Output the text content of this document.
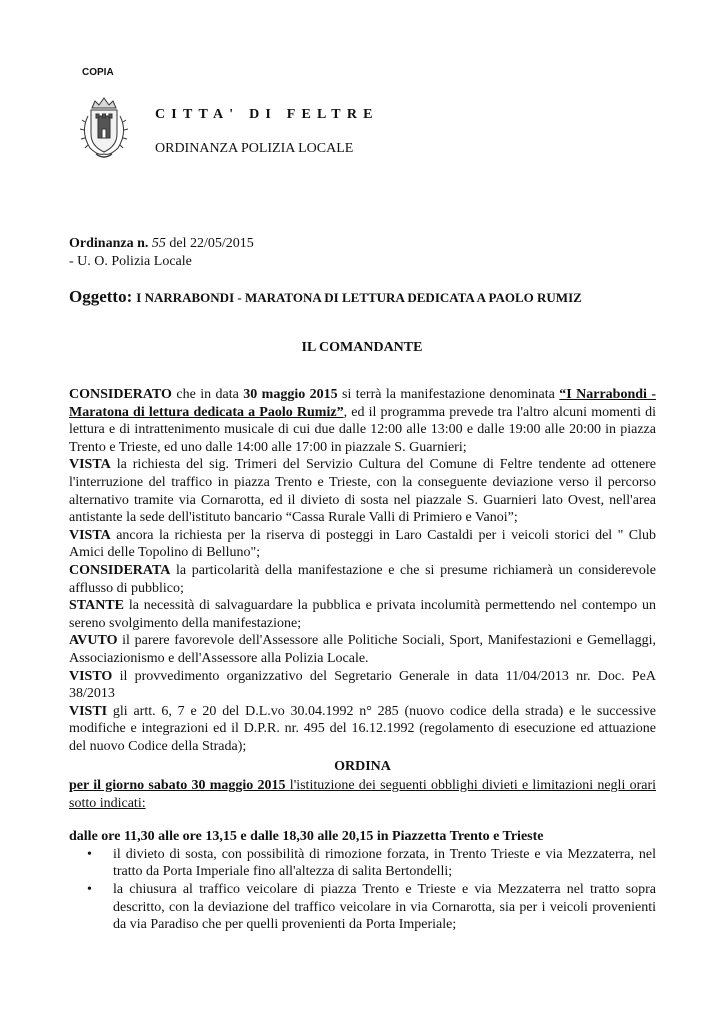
COPIA
CITTA' DI FELTRE
ORDINANZA POLIZIA LOCALE
Ordinanza n. 55 del 22/05/2015
- U. O. Polizia Locale
Oggetto: I NARRABONDI - MARATONA DI LETTURA DEDICATA A PAOLO RUMIZ
IL COMANDANTE

CONSIDERATO che in data 30 maggio 2015 si terrà la manifestazione denominata “I Narrabondi - Maratona di lettura dedicata a Paolo Rumiz”, ed il programma prevede tra l'altro alcuni momenti di lettura e di intrattenimento musicale di cui due dalle 12:00 alle 13:00 e dalle 19:00 alle 20:00 in piazza Trento e Trieste, ed uno dalle 14:00 alle 17:00 in piazzale S. Guarnieri;

VISTA la richiesta del sig. Trimeri del Servizio Cultura del Comune di Feltre tendente ad ottenere l'interruzione del traffico in piazza Trento e Trieste, con la conseguente deviazione verso il percorso alternativo tramite via Cornarotta, ed il divieto di sosta nel piazzale S. Guarnieri lato Ovest, nell'area antistante la sede dell'istituto bancario “Cassa Rurale Valli di Primiero e Vanoi”;

VISTA ancora la richiesta per la riserva di posteggi in Laro Castaldi per i veicoli storici del " Club Amici delle Topolino di Belluno";

CONSIDERATA la particolarità della manifestazione e che si presume richiamerà un considerevole afflusso di pubblico;

STANTE la necessità di salvaguardare la pubblica e privata incolumità permettendo nel contempo un sereno svolgimento della manifestazione;

AVUTO il parere favorevole dell'Assessore alle Politiche Sociali, Sport, Manifestazioni e Gemellaggi, Associazionismo e dell'Assessore alla Polizia Locale.

VISTO il provvedimento organizzativo del Segretario Generale in data 11/04/2013 nr. Doc. PeA 38/2013

VISTI gli artt. 6, 7 e 20 del D.L.vo 30.04.1992 n° 285 (nuovo codice della strada) e le successive modifiche e integrazioni ed il D.P.R. nr. 495 del 16.12.1992 (regolamento di esecuzione ed attuazione del nuovo Codice della Strada);

ORDINA

per il giorno sabato 30 maggio 2015 l'istituzione dei seguenti obblighi divieti e limitazioni negli orari sotto indicati:

dalle ore 11,30 alle ore 13,15 e dalle 18,30 alle 20,15 in Piazzetta Trento e Trieste

• il divieto di sosta, con possibilità di rimozione forzata, in Trento Trieste e via Mezzaterra, nel tratto da Porta Imperiale fino all'altezza di salita Bertondelli;
• la chiusura al traffico veicolare di piazza Trento e Trieste e via Mezzaterra nel tratto sopra descritto, con la deviazione del traffico veicolare in via Cornarotta, sia per i veicoli provenienti da via Paradiso che per quelli provenienti da Porta Imperiale;
